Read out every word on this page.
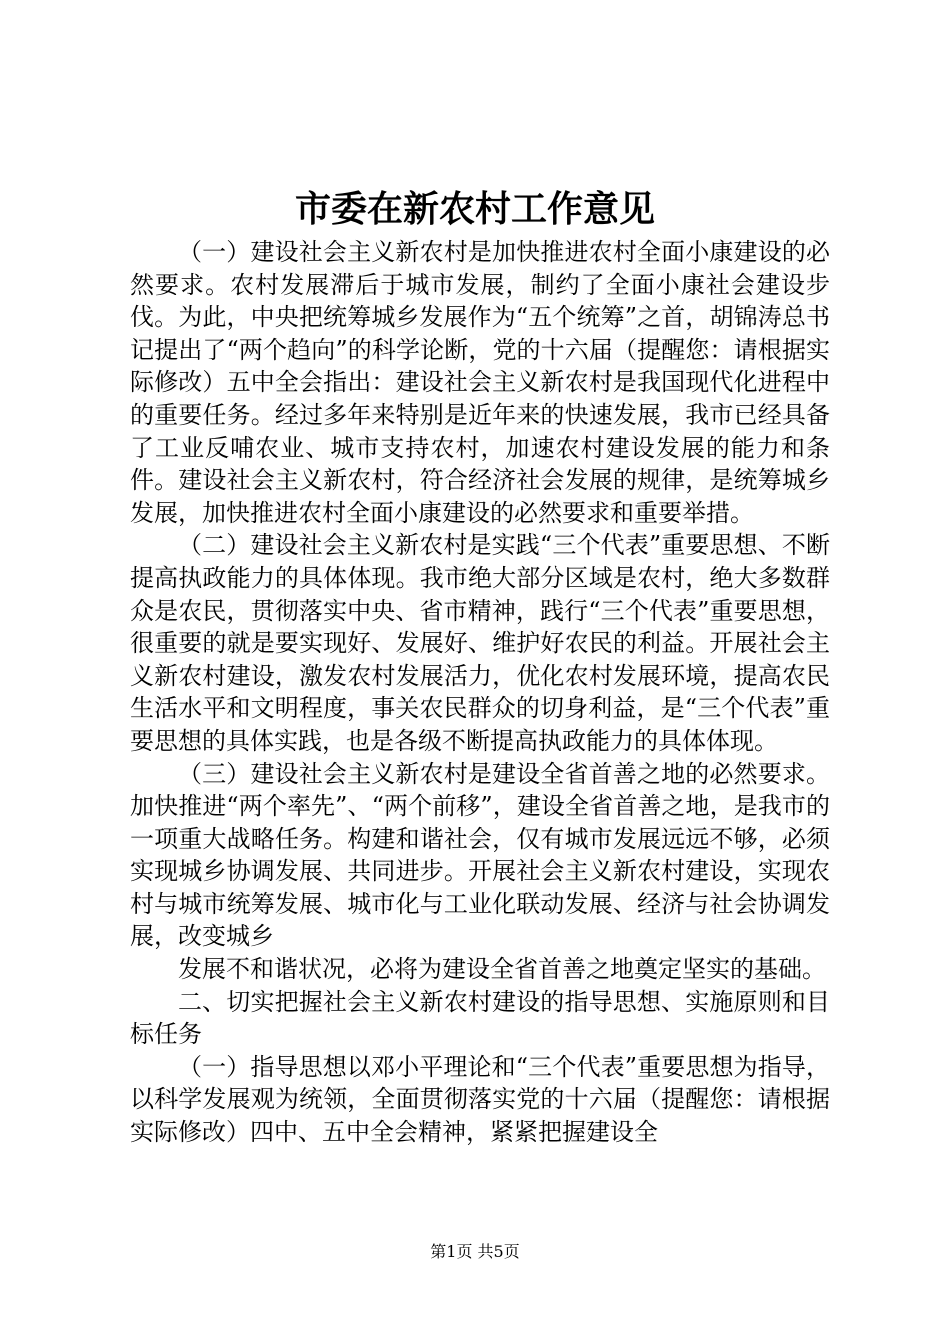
市委在新农村工作意见

（一）建设社会主义新农村是加快推进农村全面小康建设的必然要求。农村发展滞后于城市发展，制约了全面小康社会建设步伐。为此，中央把统筹城乡发展作为“五个统筹”之首，胡锦涛总书记提出了“两个趋向”的科学论断，党的十六届（提醒您：请根据实际修改）五中全会指出：建设社会主义新农村是我国现代化进程中的重要任务。经过多年来特别是近年来的快速发展，我市已经具备了工业反哺农业、城市支持农村，加速农村建设发展的能力和条件。建设社会主义新农村，符合经济社会发展的规律，是统筹城乡发展，加快推进农村全面小康建设的必然要求和重要举措。

（二）建设社会主义新农村是实践“三个代表”重要思想、不断提高执政能力的具体体现。我市绝大部分区域是农村，绝大多数群众是农民，贯彻落实中央、省市精神，践行“三个代表”重要思想，很重要的就是要实现好、发展好、维护好农民的利益。开展社会主义新农村建设，激发农村发展活力，优化农村发展环境，提高农民生活水平和文明程度，事关农民群众的切身利益，是“三个代表”重要思想的具体实践，也是各级不断提高执政能力的具体体现。

（三）建设社会主义新农村是建设全省首善之地的必然要求。加快推进“两个率先”、“两个前移”，建设全省首善之地，是我市的一项重大战略任务。构建和谐社会，仅有城市发展远远不够，必须实现城乡协调发展、共同进步。开展社会主义新农村建设，实现农村与城市统筹发展、城市化与工业化联动发展、经济与社会协调发展，改变城乡

发展不和谐状况，必将为建设全省首善之地奠定坚实的基础。

二、切实把握社会主义新农村建设的指导思想、实施原则和目标任务

（一）指导思想以邓小平理论和“三个代表”重要思想为指导，以科学发展观为统领，全面贯彻落实党的十六届（提醒您：请根据实际修改）四中、五中全会精神，紧紧把握建设全

第1页 共5页
